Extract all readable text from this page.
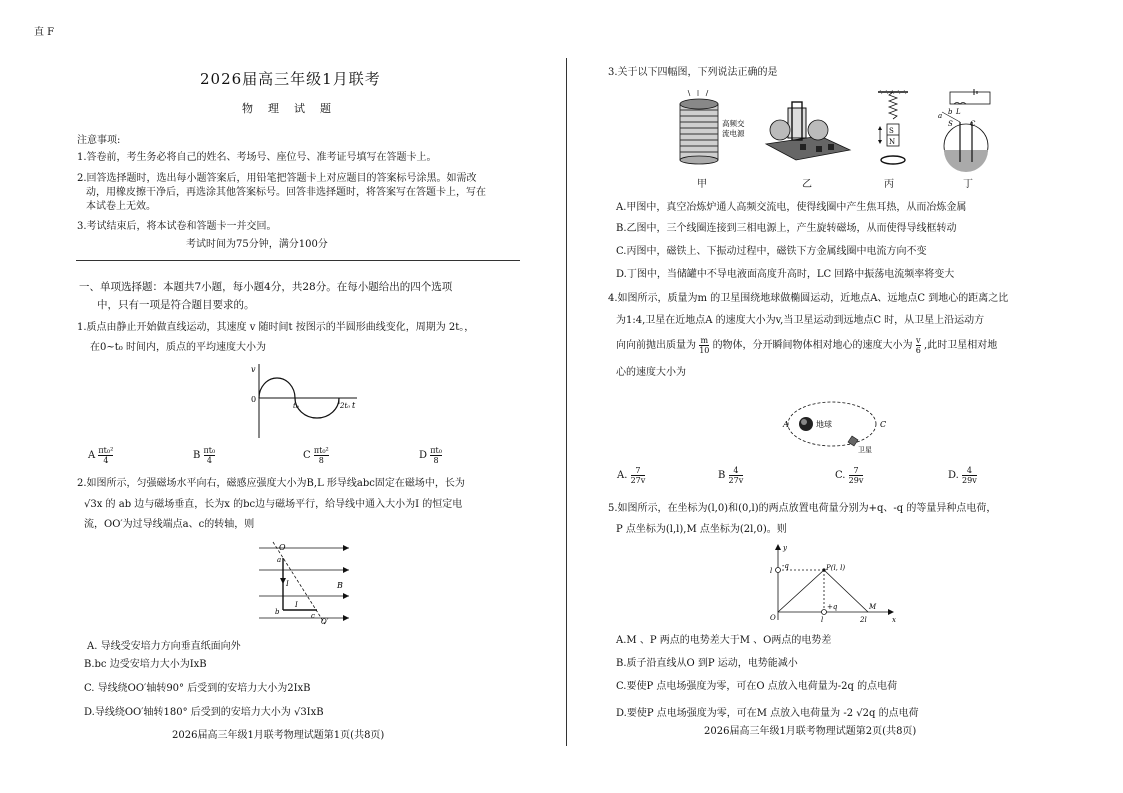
直 F
2026届高三年级1月联考
物　理　试　题
注意事项:
1.答卷前，考生务必将自己的姓名、考场号、座位号、准考证号填写在答题卡上。
2.回答选择题时，选出每小题答案后，用铅笔把答题卡上对应题目的答案标号涂黑。如需改
动，用橡皮擦干净后，再选涂其他答案标号。回答非选择题时，将答案写在答题卡上，写在
本试卷上无效。
3.考试结束后，将本试卷和答题卡一并交回。
考试时间为75分钟，满分100分
一、单项选择题：本题共7小题，每小题4分，共28分。在每小题给出的四个选项
中，只有一项是符合题目要求的。
1.质点由静止开始做直线运动，其速度 v 随时间t 按图示的半圆形曲线变化，周期为 2t。，
在0~t₀ 时间内，质点的平均速度大小为
v
0
t₀	2t₀ t
A $\frac{\text{πt₀²}}{4}$	B $\frac{\text{πt₀}}{4}$	C $\frac{\text{πt₀²}}{8}$	D $\frac{\text{πt₀}}{8}$
2.如图所示，匀强磁场水平向右，磁感应强度大小为B,L 形导线abc固定在磁场中，长为
√3x 的 ab 边与磁场垂直，长为x 的bc边与磁场平行，给导线中通入大小为I 的恒定电
流，OO′为过导线端点a、c的转轴，则
O
a
b	c
O′
I
I
B
A. 导线受安培力方向垂直纸面向外
B.bc 边受安培力大小为IxB
C. 导线绕OO′轴转90° 后受到的安培力大小为2IxB
D.导线绕OO′轴转180° 后受到的安培力大小为 √3IxB
2026届高三年级1月联考物理试题第1页(共8页)
3.关于以下四幅图，下列说法正确的是
高频交
流电源	S
N
a b L
S C
甲	乙	丙	丁
A.甲图中，真空冶炼炉通人高频交流电，使得线圈中产生焦耳热，从而冶炼金属
B.乙图中，三个线圈连接到三相电源上，产生旋转磁场，从而使得导线框转动
C.丙图中，磁铁上、下振动过程中，磁铁下方金属线圈中电流方向不变
D.丁图中，当储罐中不导电液面高度升高时，LC 回路中振荡电流频率将变大
4.如图所示，质量为m 的卫星围绕地球做椭圆运动，近地点A、远地点C 到地心的距离之比
为1:4,卫星在近地点A 的速度大小为v,当卫星运动到远地点C 时，从卫星上沿运动方
向向前抛出质量为 $\frac{m}{10}$ 的物体，分开瞬间物体相对地心的速度大小为 $\frac{v}{6}$ ,此时卫星相对地
心的速度大小为
A	C
地球
卫星
A. $\frac{7}{27v}$	B $\frac{4}{27v}$	C. $\frac{7}{29v}$	D. $\frac{4}{29v}$
5.如图所示，在坐标为(l,0)和(0,l)的两点放置电荷量分别为+q、-q 的等量异种点电荷，
P 点坐标为(l,l),M 点坐标为(2l,0)。则
y
x
l
-q	P(l, l)
O	l
+q
2l
M
A.M 、P 两点的电势差大于M 、O两点的电势差
B.质子沿直线从O 到P 运动，电势能减小
C.要使P 点电场强度为零，可在O 点放入电荷量为-2q 的点电荷
D.要使P 点电场强度为零，可在M 点放入电荷量为 -2 √2q 的点电荷
2026届高三年级1月联考物理试题第2页(共8页)
